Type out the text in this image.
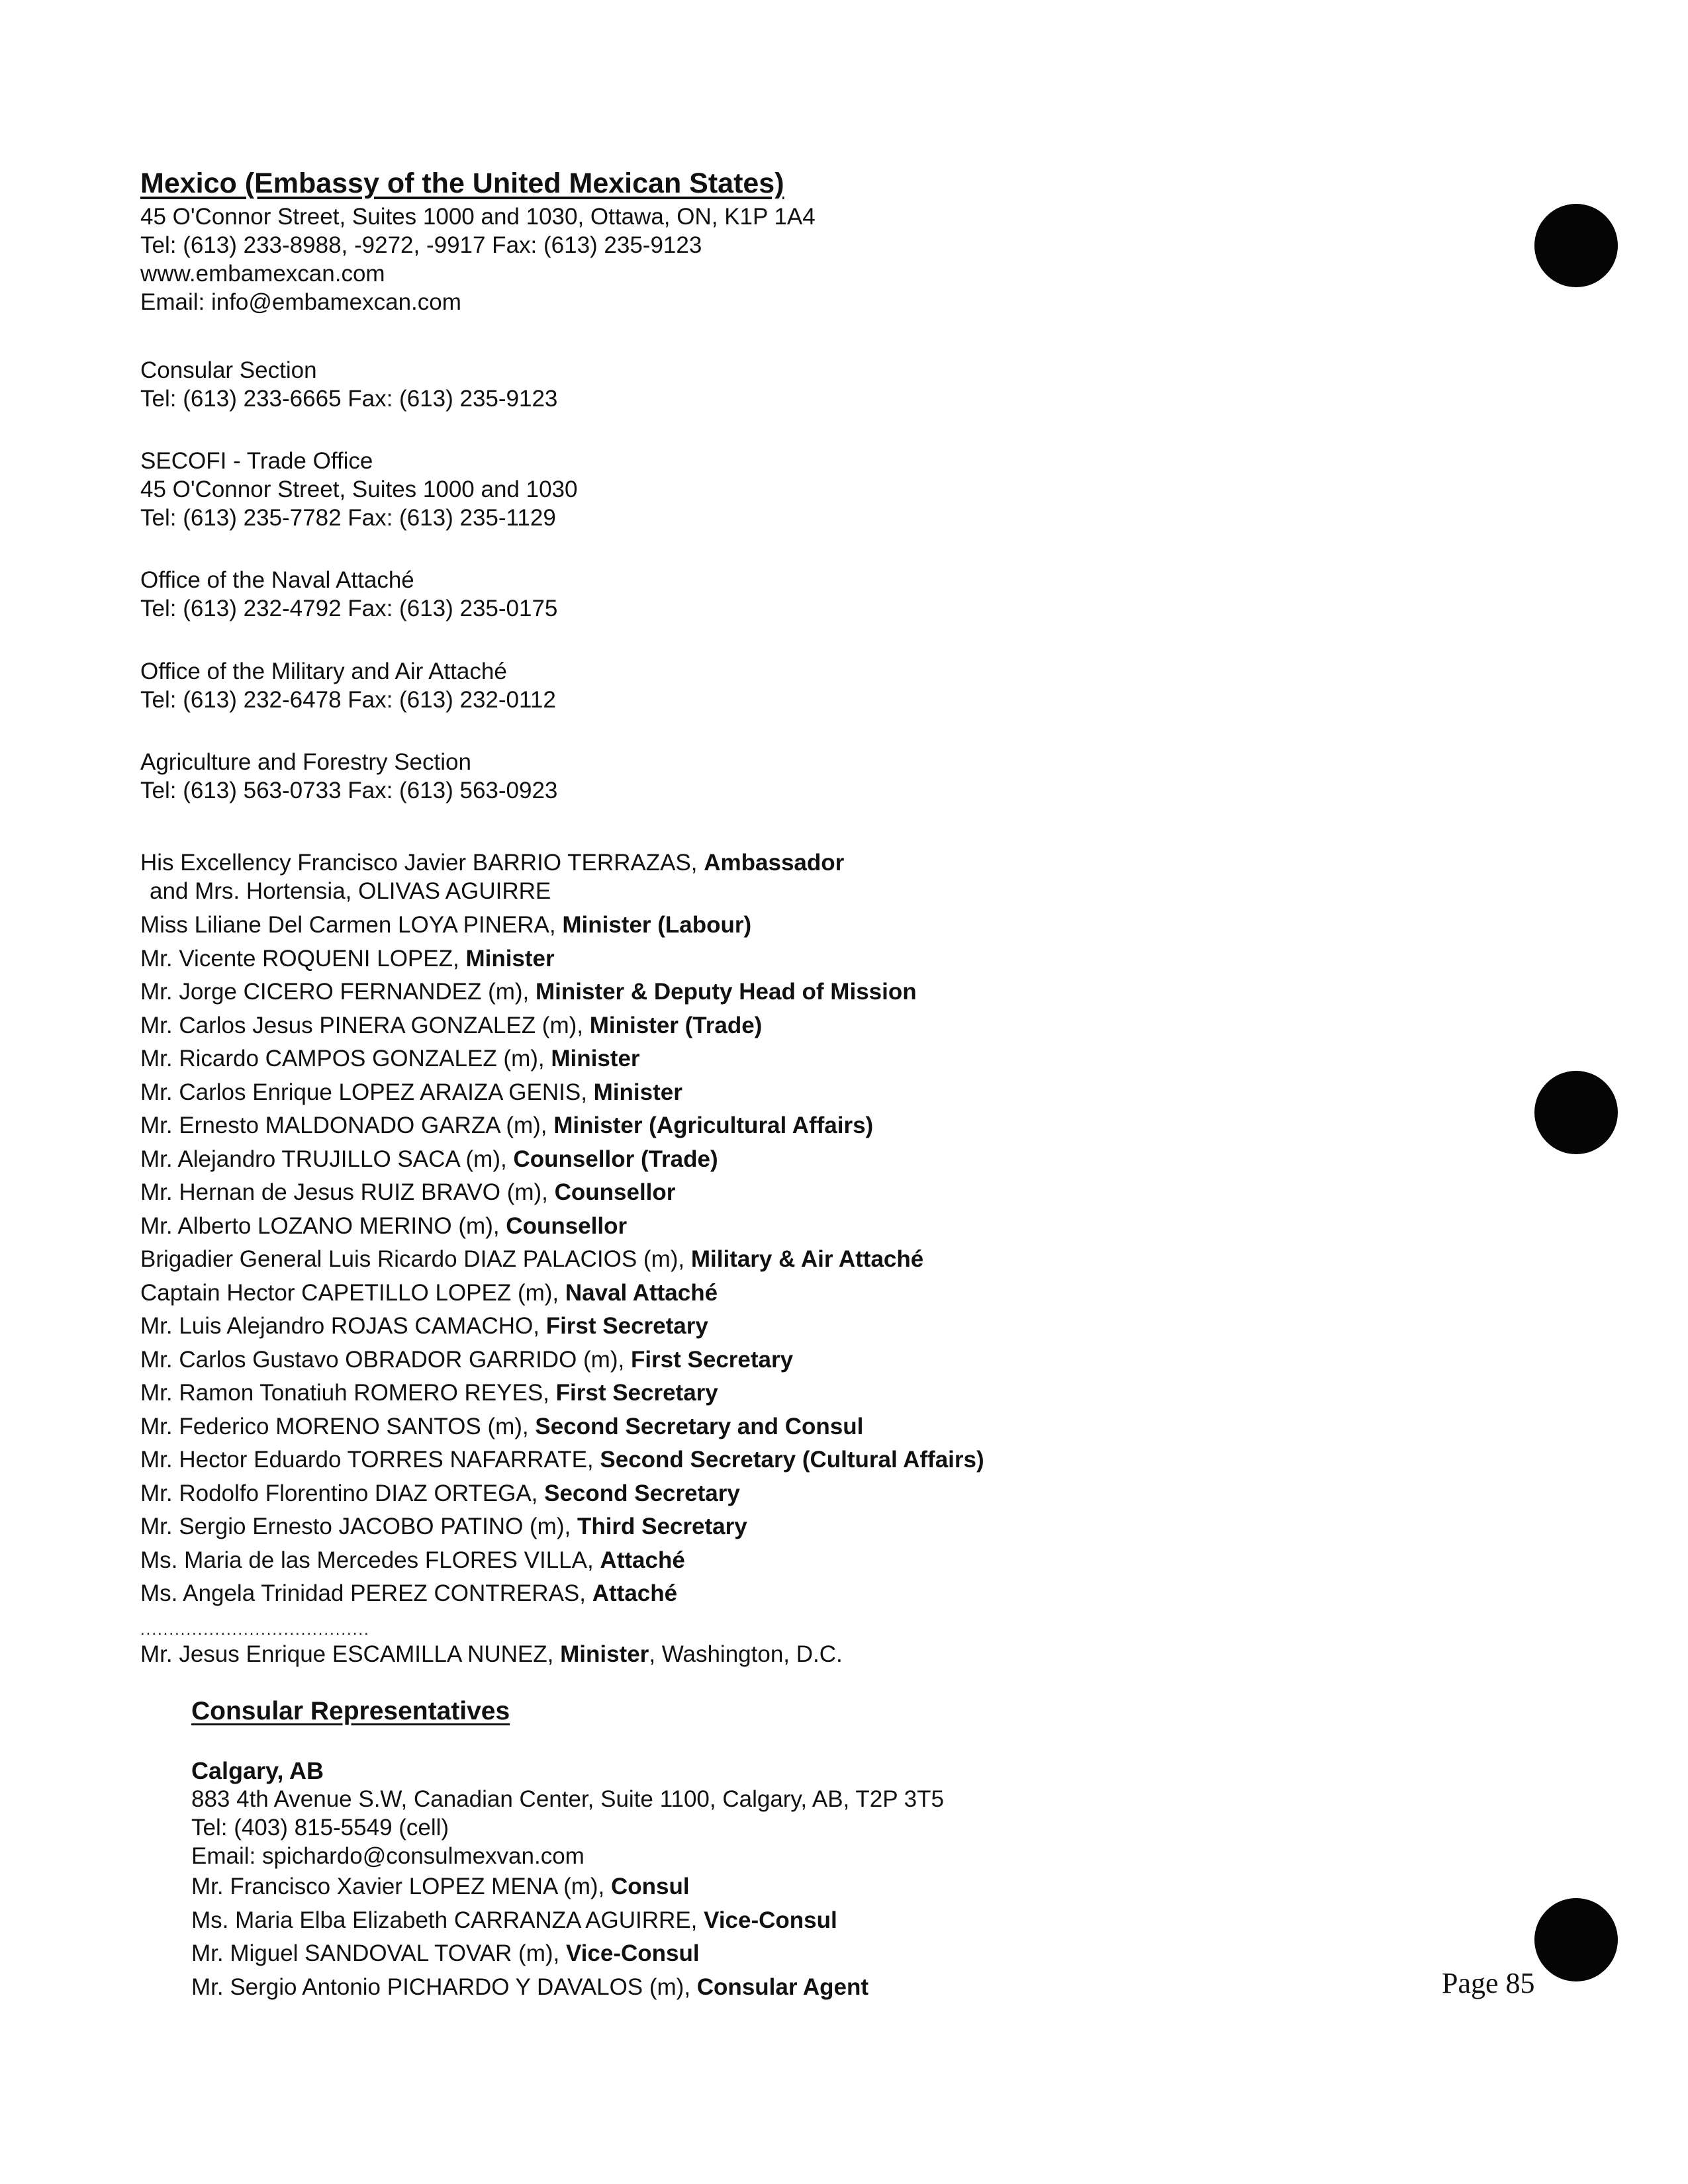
Mexico (Embassy of the United Mexican States)
45 O'Connor Street, Suites 1000 and 1030, Ottawa, ON, K1P 1A4
Tel: (613) 233-8988, -9272, -9917 Fax: (613) 235-9123
www.embamexcan.com
Email: info@embamexcan.com
Consular Section
Tel: (613) 233-6665 Fax: (613) 235-9123
SECOFI - Trade Office
45 O'Connor Street, Suites 1000 and 1030
Tel: (613) 235-7782 Fax: (613) 235-1129
Office of the Naval Attaché
Tel: (613) 232-4792 Fax: (613) 235-0175
Office of the Military and Air Attaché
Tel: (613) 232-6478 Fax: (613) 232-0112
Agriculture and Forestry Section
Tel: (613) 563-0733 Fax: (613) 563-0923
His Excellency Francisco Javier BARRIO TERRAZAS, Ambassador
and Mrs. Hortensia, OLIVAS AGUIRRE
Miss Liliane Del Carmen LOYA PINERA, Minister (Labour)
Mr. Vicente ROQUENI LOPEZ, Minister
Mr. Jorge CICERO FERNANDEZ (m), Minister & Deputy Head of Mission
Mr. Carlos Jesus PINERA GONZALEZ (m), Minister (Trade)
Mr. Ricardo CAMPOS GONZALEZ (m), Minister
Mr. Carlos Enrique LOPEZ ARAIZA GENIS, Minister
Mr. Ernesto MALDONADO GARZA (m), Minister (Agricultural Affairs)
Mr. Alejandro TRUJILLO SACA (m), Counsellor (Trade)
Mr. Hernan de Jesus RUIZ BRAVO (m), Counsellor
Mr. Alberto LOZANO MERINO (m), Counsellor
Brigadier General Luis Ricardo DIAZ PALACIOS (m), Military & Air Attaché
Captain Hector CAPETILLO LOPEZ (m), Naval Attaché
Mr. Luis Alejandro ROJAS CAMACHO, First Secretary
Mr. Carlos Gustavo OBRADOR GARRIDO (m), First Secretary
Mr. Ramon Tonatiuh ROMERO REYES, First Secretary
Mr. Federico MORENO SANTOS (m), Second Secretary and Consul
Mr. Hector Eduardo TORRES NAFARRATE, Second Secretary (Cultural Affairs)
Mr. Rodolfo Florentino DIAZ ORTEGA, Second Secretary
Mr. Sergio Ernesto JACOBO PATINO (m), Third Secretary
Ms. Maria de las Mercedes FLORES VILLA, Attaché
Ms. Angela Trinidad PEREZ CONTRERAS, Attaché
........................................
Mr. Jesus Enrique ESCAMILLA NUNEZ, Minister, Washington, D.C.
Consular Representatives
Calgary, AB
883 4th Avenue S.W, Canadian Center, Suite 1100, Calgary, AB, T2P 3T5
Tel: (403) 815-5549 (cell)
Email: spichardo@consulmexvan.com
Mr. Francisco Xavier LOPEZ MENA (m), Consul
Ms. Maria Elba Elizabeth CARRANZA AGUIRRE, Vice-Consul
Mr. Miguel SANDOVAL TOVAR (m), Vice-Consul
Mr. Sergio Antonio PICHARDO Y DAVALOS (m), Consular Agent	Page 85
